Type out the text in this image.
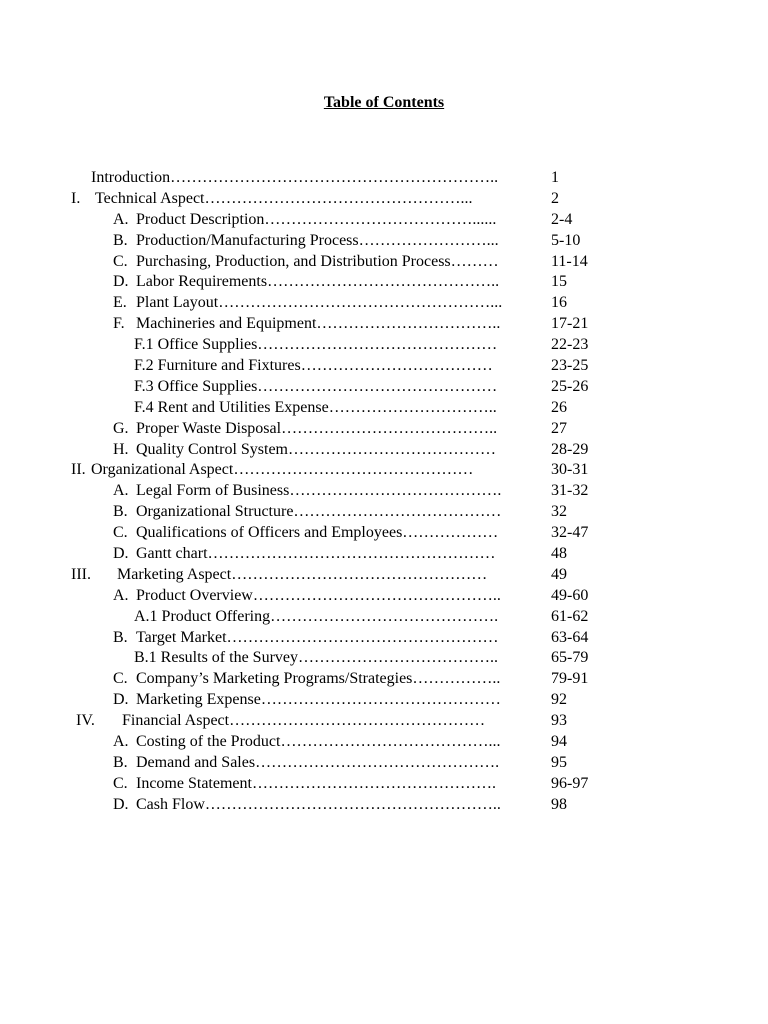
Table of Contents
Introduction……………………………………………………..	1
I. Technical Aspect…………………………………………...	2
A. Product Description…………………………………......	2-4
B. Production/Manufacturing Process……………………...	5-10
C. Purchasing, Production, and Distribution Process………	11-14
D. Labor Requirements……………………………………..	15
E. Plant Layout……………………………………………...	16
F. Machineries and Equipment……………………………..	17-21
F.1 Office Supplies………………………………………	22-23
F.2 Furniture and Fixtures………………………………	23-25
F.3 Office Supplies………………………………………	25-26
F.4 Rent and Utilities Expense…………………………..	26
G. Proper Waste Disposal…………………………………..	27
H. Quality Control System…………………………………	28-29
II. Organizational Aspect………………………………………	30-31
A. Legal Form of Business………………………………….	31-32
B. Organizational Structure…………………………………	32
C. Qualifications of Officers and Employees………………	32-47
D. Gantt chart………………………………………………	48
III. Marketing Aspect…………………………………………	49
A. Product Overview………………………………………..	49-60
A.1 Product Offering…………………………………….	61-62
B. Target Market……………………………………………	63-64
B.1 Results of the Survey………………………………..	65-79
C. Company’s Marketing Programs/Strategies……………..	79-91
D. Marketing Expense………………………………………	92
IV. Financial Aspect…………………………………………	93
A. Costing of the Product…………………………………...	94
B. Demand and Sales……………………………………….	95
C. Income Statement……………………………………….	96-97
D. Cash Flow………………………………………………..	98
